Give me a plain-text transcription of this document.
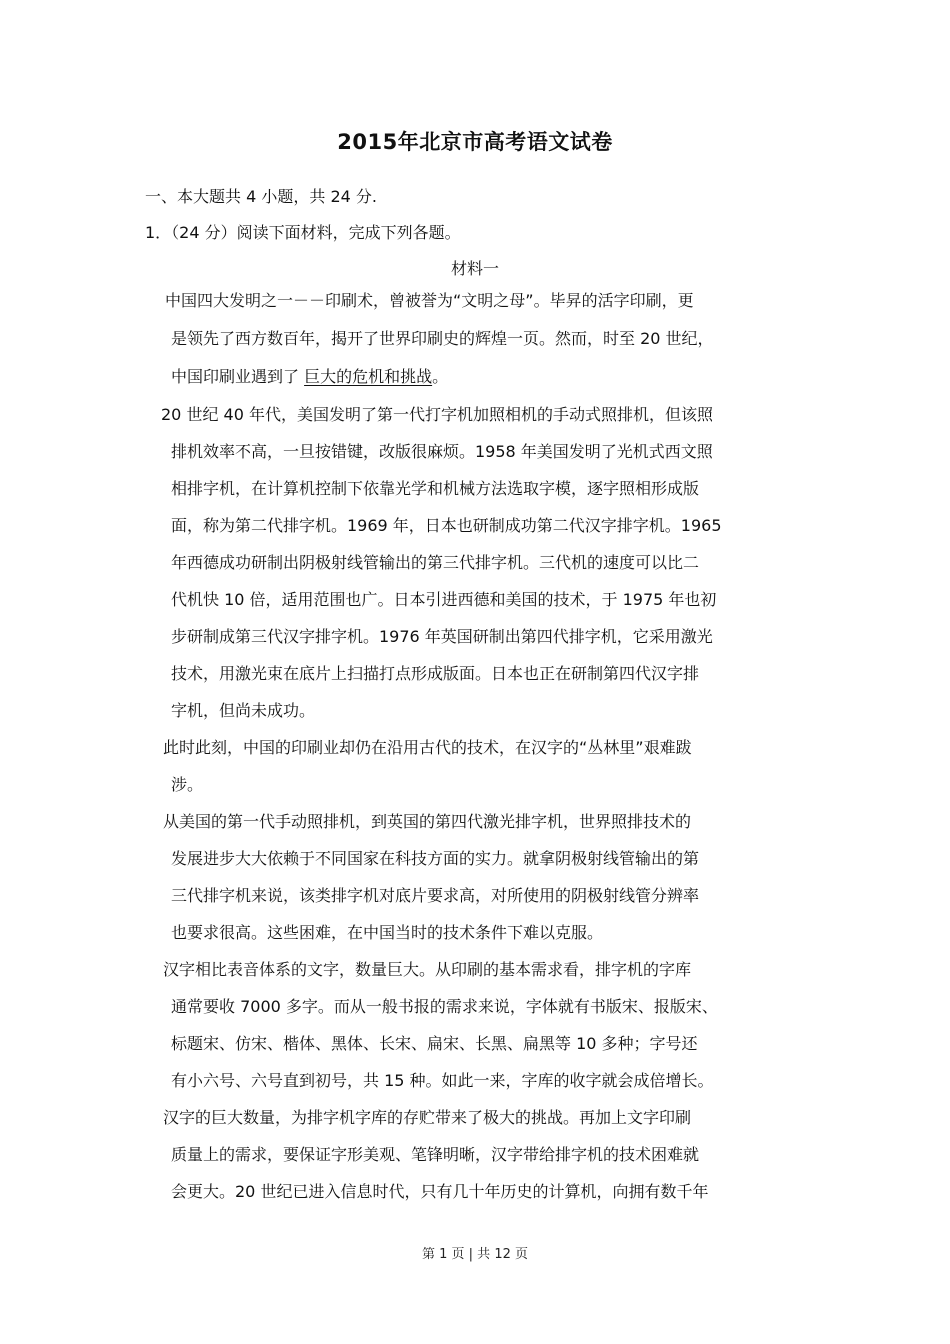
2015年北京市高考语文试卷
一、本大题共 4 小题，共 24 分.
1．（24 分）阅读下面材料，完成下列各题。
材料一
中国四大发明之一－－印刷术，曾被誉为“文明之母”。毕昇的活字印刷，更
是领先了西方数百年，揭开了世界印刷史的辉煌一页。然而，时至 20 世纪，
中国印刷业遇到了 巨大的危机和挑战。
20 世纪 40 年代，美国发明了第一代打字机加照相机的手动式照排机，但该照
排机效率不高，一旦按错键，改版很麻烦。1958 年美国发明了光机式西文照
相排字机，在计算机控制下依靠光学和机械方法选取字模，逐字照相形成版
面，称为第二代排字机。1969 年，日本也研制成功第二代汉字排字机。1965
年西德成功研制出阴极射线管输出的第三代排字机。三代机的速度可以比二
代机快 10 倍，适用范围也广。日本引进西德和美国的技术，于 1975 年也初
步研制成第三代汉字排字机。1976 年英国研制出第四代排字机，它采用激光
技术，用激光束在底片上扫描打点形成版面。日本也正在研制第四代汉字排
字机，但尚未成功。
此时此刻，中国的印刷业却仍在沿用古代的技术，在汉字的“丛林里”艰难跋
涉。
从美国的第一代手动照排机，到英国的第四代激光排字机，世界照排技术的
发展进步大大依赖于不同国家在科技方面的实力。就拿阴极射线管输出的第
三代排字机来说，该类排字机对底片要求高，对所使用的阴极射线管分辨率
也要求很高。这些困难，在中国当时的技术条件下难以克服。
汉字相比表音体系的文字，数量巨大。从印刷的基本需求看，排字机的字库
通常要收 7000 多字。而从一般书报的需求来说，字体就有书版宋、报版宋、
标题宋、仿宋、楷体、黑体、长宋、扁宋、长黑、扁黑等 10 多种；字号还
有小六号、六号直到初号，共 15 种。如此一来，字库的收字就会成倍增长。
汉字的巨大数量，为排字机字库的存贮带来了极大的挑战。再加上文字印刷
质量上的需求，要保证字形美观、笔锋明晰，汉字带给排字机的技术困难就
会更大。20 世纪已进入信息时代，只有几十年历史的计算机，向拥有数千年
第 1 页 | 共 12 页
